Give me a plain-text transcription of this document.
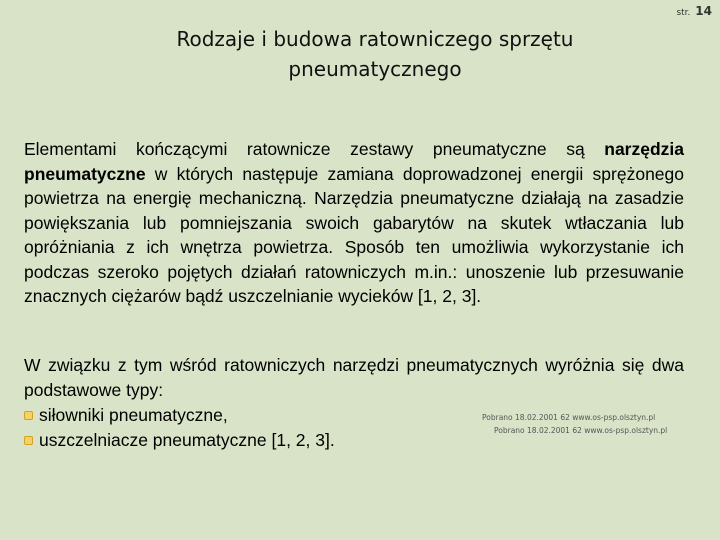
str. 14
Rodzaje i budowa ratowniczego sprzętu pneumatycznego
Elementami kończącymi ratownicze zestawy pneumatyczne są narzędzia pneumatyczne w których następuje zamiana doprowadzonej energii sprężonego powietrza na energię mechaniczną. Narzędzia pneumatyczne działają na zasadzie powiększania lub pomniejszania swoich gabarytów na skutek wtłaczania lub opróżniania z ich wnętrza powietrza. Sposób ten umożliwia wykorzystanie ich podczas szeroko pojętych działań ratowniczych m.in.: unoszenie lub przesuwanie znacznych ciężarów bądź uszczelnianie wycieków [1, 2, 3].
W związku z tym wśród ratowniczych narzędzi pneumatycznych wyróżnia się dwa podstawowe typy:
siłowniki pneumatyczne,
uszczelniacze pneumatyczne [1, 2, 3].
Pobrano 18.02.2001 62 www.os-psp.olsztyn.pl
Pobrano 18.02.2001 62 www.os-psp.olsztyn.pl
